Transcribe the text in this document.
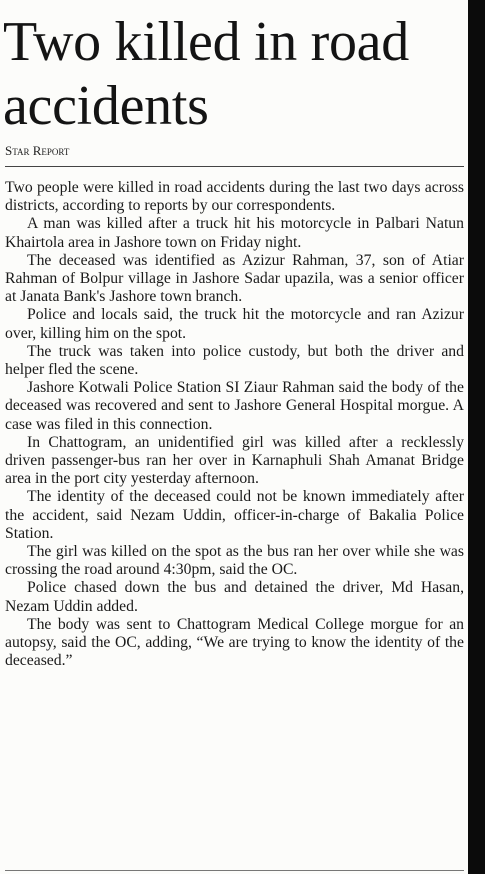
Two killed in road accidents
Star Report

Two people were killed in road accidents during the last two days across districts, according to reports by our correspondents.

A man was killed after a truck hit his motorcycle in Palbari Natun Khairtola area in Jashore town on Friday night.

The deceased was identified as Azizur Rahman, 37, son of Atiar Rahman of Bolpur village in Jashore Sadar upazila, was a senior officer at Janata Bank's Jashore town branch.

Police and locals said, the truck hit the motorcycle and ran Azizur over, killing him on the spot.

The truck was taken into police custody, but both the driver and helper fled the scene.

Jashore Kotwali Police Station SI Ziaur Rahman said the body of the deceased was recovered and sent to Jashore General Hospital morgue. A case was filed in this connection.

In Chattogram, an unidentified girl was killed after a recklessly driven passenger-bus ran her over in Karnaphuli Shah Amanat Bridge area in the port city yesterday afternoon.

The identity of the deceased could not be known immediately after the accident, said Nezam Uddin, officer-in-charge of Bakalia Police Station.

The girl was killed on the spot as the bus ran her over while she was crossing the road around 4:30pm, said the OC.

Police chased down the bus and detained the driver, Md Hasan, Nezam Uddin added.

The body was sent to Chattogram Medical College morgue for an autopsy, said the OC, adding, “We are trying to know the identity of the deceased.”
